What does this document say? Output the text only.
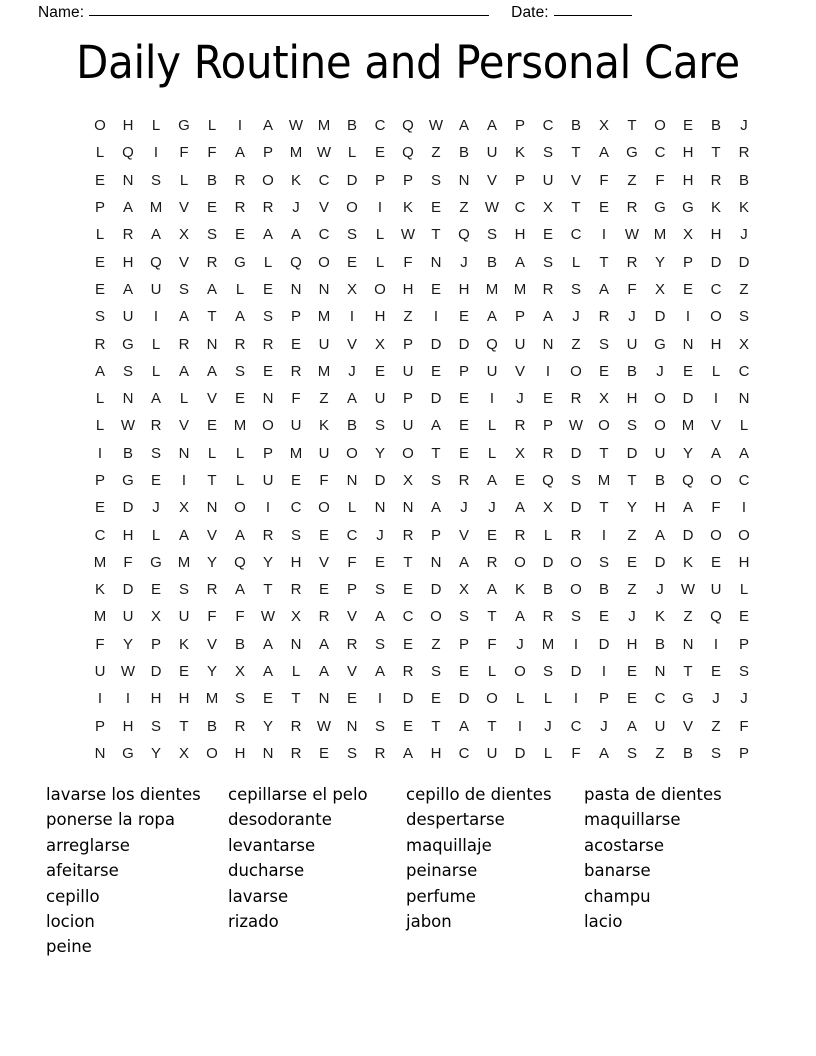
Name:	Date:
Daily Routine and Personal Care
O	H	L	G	L	I	A	W M	B	C	Q	W	A	A	P	C	B	X	T	O	E	B	J
L	Q	I	F	F	A	P	M W	L	E	Q	Z	B	U	K	S	T	A	G	C	H	T	R
E	N	S	L	B	R	O	K	C	D	P	P	S	N	V	P	U	V	F	Z	F	H	R	B
P	A	M	V	E	R	R	J	V	O	I	K	E	Z	W	C	X	T	E	R	G	G	K	K
L	R	A	X	S	E	A	A	C	S	L	W	T	Q	S	H	E	C	I	W M	X	H	J
E	H	Q	V	R	G	L	Q	O	E	L	F	N	J	B	A	S	L	T	R	Y	P	D	D
E	A	U	S	A	L	E	N	N	X	O	H	E	H	M	M	R	S	A	F	X	E	C	Z
S	U	I	A	T	A	S	P	M	I	H	Z	I	E	A	P	A	J	R	J	D	I	O	S
R	G	L	R	N	R	R	E	U	V	X	P	D	D	Q	U	N	Z	S	U	G	N	H	X
A	S	L	A	A	S	E	R	M	J	E	U	E	P	U	V	I	O	E	B	J	E	L	C
L	N	A	L	V	E	N	F	Z	A	U	P	D	E	I	J	E	R	X	H	O	D	I	N
L	W	R	V	E	M	O	U	K	B	S	U	A	E	L	R	P	W	O	S	O	M	V	L
I	B	S	N	L	L	P	M	U	O	Y	O	T	E	L	X	R	D	T	D	U	Y	A	A
P	G	E	I	T	L	U	E	F	N	D	X	S	R	A	E	Q	S	M	T	B	Q	O	C
E	D	J	X	N	O	I	C	O	L	N	N	A	J	J	A	X	D	T	Y	H	A	F	I
C	H	L	A	V	A	R	S	E	C	J	R	P	V	E	R	L	R	I	Z	A	D	O	O
M	F	G	M	Y	Q	Y	H	V	F	E	T	N	A	R	O	D	O	S	E	D	K	E	H
K	D	E	S	R	A	T	R	E	P	S	E	D	X	A	K	B	O	B	Z	J	W	U	L
M	U	X	U	F	F	W	X	R	V	A	C	O	S	T	A	R	S	E	J	K	Z	Q	E
F	Y	P	K	V	B	A	N	A	R	S	E	Z	P	F	J	M	I	D	H	B	N	I	P
U	W	D	E	Y	X	A	L	A	V	A	R	S	E	L	O	S	D	I	E	N	T	E	S
I	I	H	H	M	S	E	T	N	E	I	D	E	D	O	L	L	I	P	E	C	G	J	J
P	H	S	T	B	R	Y	R	W	N	S	E	T	A	T	I	J	C	J	A	U	V	Z	F
N	G	Y	X	O	H	N	R	E	S	R	A	H	C	U	D	L	F	A	S	Z	B	S	P
lavarse los dientes
ponerse la ropa
arreglarse
afeitarse
cepillo
locion
peine
cepillarse el pelo
desodorante
levantarse
ducharse
lavarse
rizado
cepillo de dientes
despertarse
maquillaje
peinarse
perfume
jabon
pasta de dientes
maquillarse
acostarse
banarse
champu
lacio
